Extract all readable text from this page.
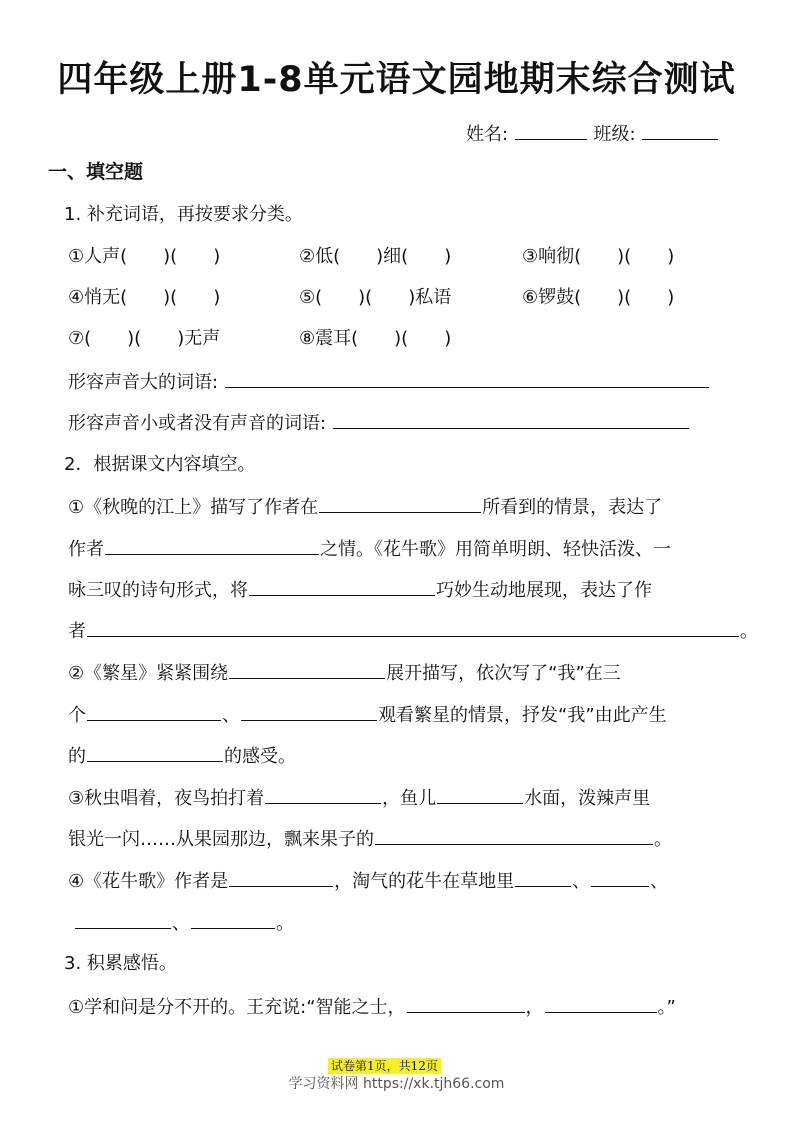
四年级上册1-8单元语文园地期末综合测试
姓名:	班级:
一、填空题
1. 补充词语，再按要求分类。
①人声(　　)(　　)	②低(　　)细(　　)	③响彻(　　)(　　)
④悄无(　　)(　　)	⑤(　　)(　　)私语	⑥锣鼓(　　)(　　)
⑦(　　)(　　)无声	⑧震耳(　　)(　　)
形容声音大的词语:
形容声音小或者没有声音的词语:
2．根据课文内容填空。
①《秋晚的江上》描写了作者在	所看到的情景，表达了
作者	之情。《花牛歌》用简单明朗、轻快活泼、一
咏三叹的诗句形式，将	巧妙生动地展现，表达了作
者	。
②《繁星》紧紧围绕	展开描写，依次写了“我”在三
个	、	观看繁星的情景，抒发“我”由此产生
的	的感受。
③秋虫唱着，夜鸟拍打着	，鱼儿	水面，泼辣声里
银光一闪……从果园那边，飘来果子的	。
④《花牛歌》作者是	，淘气的花牛在草地里	、	、
、	。
3. 积累感悟。
①学和问是分不开的。王充说:“智能之士，	，	。”
试卷第1页，共12页
学习资料网 https://xk.tjh66.com
